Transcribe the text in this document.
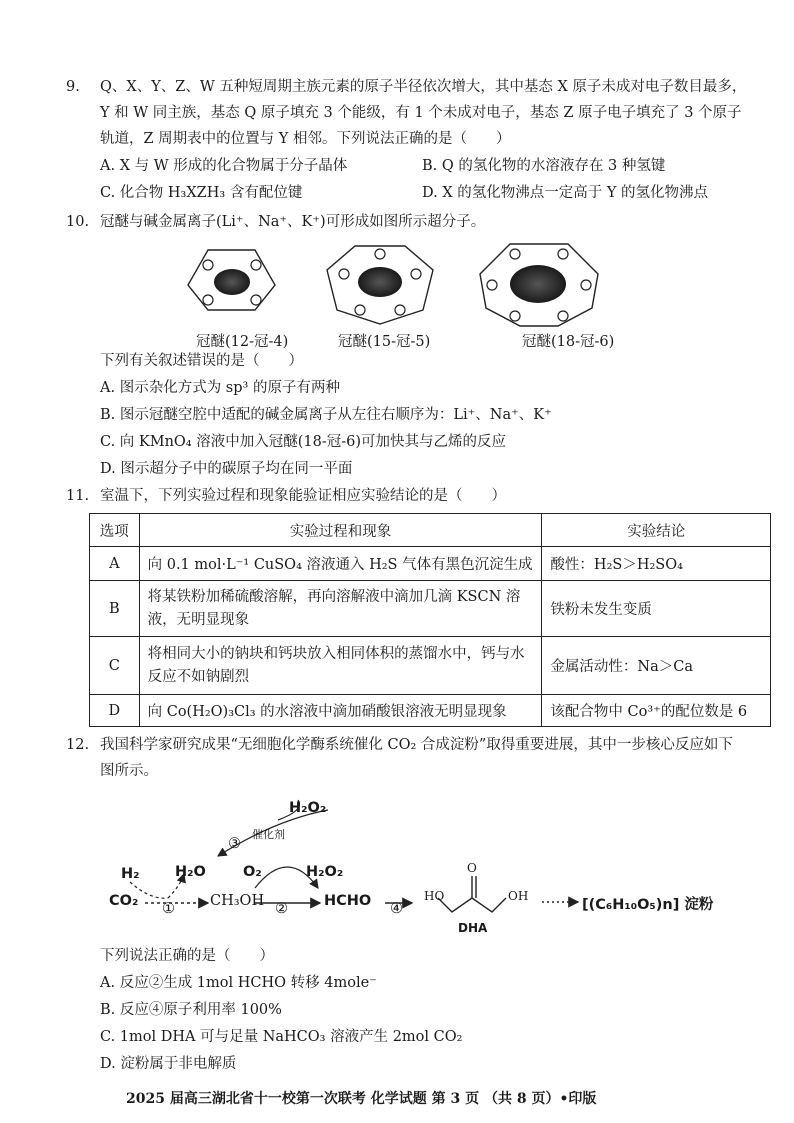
9. Q、X、Y、Z、W 五种短周期主族元素的原子半径依次增大，其中基态 X 原子未成对电子数目最多，
Y 和 W 同主族，基态 Q 原子填充 3 个能级，有 1 个未成对电子，基态 Z 原子电子填充了 3 个原子
轨道，Z 周期表中的位置与 Y 相邻。下列说法正确的是（　　）
A. X 与 W 形成的化合物属于分子晶体	B. Q 的氢化物的水溶液存在 3 种氢键
C. 化合物 H₃XZH₃ 含有配位键	D. X 的氢化物沸点一定高于 Y 的氢化物沸点
10. 冠醚与碱金属离子(Li⁺、Na⁺、K⁺)可形成如图所示超分子。
冠醚(12-冠-4)	冠醚(15-冠-5)	冠醚(18-冠-6)
下列有关叙述错误的是（　　）
A. 图示杂化方式为 sp³ 的原子有两种
B. 图示冠醚空腔中适配的碱金属离子从左往右顺序为：Li⁺、Na⁺、K⁺
C. 向 KMnO₄ 溶液中加入冠醚(18-冠-6)可加快其与乙烯的反应
D. 图示超分子中的碳原子均在同一平面
11. 室温下，下列实验过程和现象能验证相应实验结论的是（　　）
选项	实验过程和现象	实验结论
A	向 0.1 mol·L⁻¹ CuSO₄ 溶液通入 H₂S 气体有黑色沉淀生成	酸性：H₂S＞H₂SO₄
B	将某铁粉加稀硫酸溶解，再向溶解液中滴加几滴 KSCN 溶液，无明显现象	铁粉未发生变质
C	将相同大小的钠块和钙块放入相同体积的蒸馏水中，钙与水反应不如钠剧烈	金属活动性：Na＞Ca
D	向 Co(H₂O)₃Cl₃ 的水溶液中滴加硝酸银溶液无明显现象	该配合物中 Co³⁺的配位数是 6
12. 我国科学家研究成果“无细胞化学酶系统催化 CO₂ 合成淀粉”取得重要进展，其中一步核心反应如下
图所示。
H₂O₂
催化剂
③
H₂ H₂O	O₂	H₂O₂
CO₂ ① CH₃OH ② HCHO ④
HO
O
OH
DHA
[(C₆H₁₀O₅)n] 淀粉
下列说法正确的是（　　）
A. 反应②生成 1mol HCHO 转移 4mole⁻
B. 反应④原子利用率 100%
C. 1mol DHA 可与足量 NaHCO₃ 溶液产生 2mol CO₂
D. 淀粉属于非电解质
2025 届高三湖北省十一校第一次联考 化学试题 第 3 页 （共 8 页）•印版
